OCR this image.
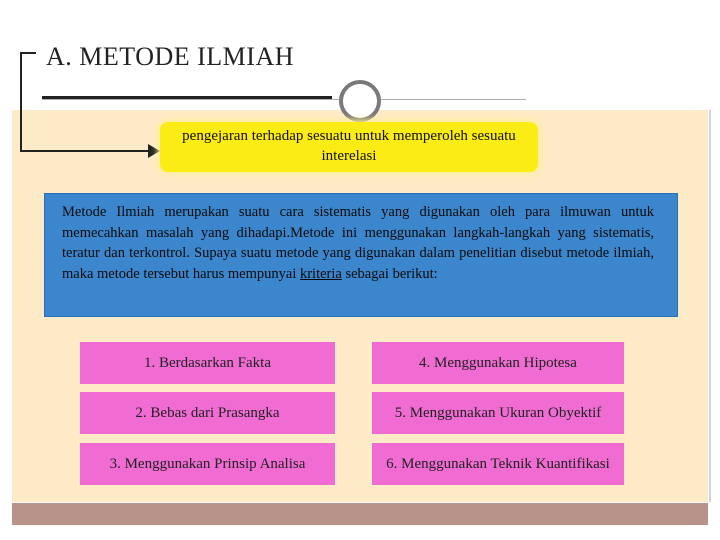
A. METODE ILMIAH
pengejaran terhadap sesuatu untuk memperoleh sesuatu interelasi
Metode Ilmiah merupakan suatu cara sistematis yang digunakan oleh para ilmuwan untuk memecahkan masalah yang dihadapi.Metode ini menggunakan langkah-langkah yang sistematis, teratur dan terkontrol. Supaya suatu metode yang digunakan dalam penelitian disebut metode ilmiah, maka metode tersebut harus mempunyai kriteria sebagai berikut:
1. Berdasarkan Fakta
2. Bebas dari Prasangka
3. Menggunakan Prinsip Analisa
4. Menggunakan Hipotesa
5. Menggunakan Ukuran Obyektif
6. Menggunakan Teknik Kuantifikasi
